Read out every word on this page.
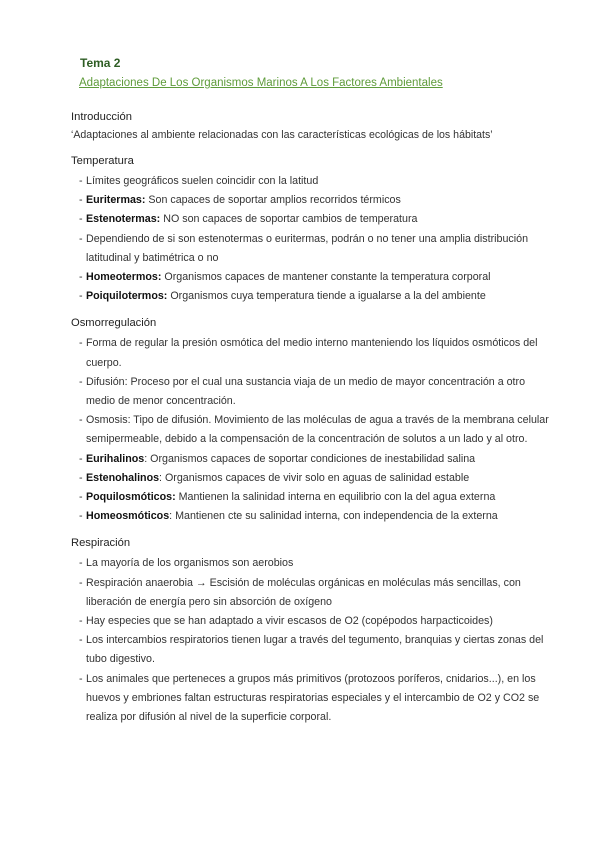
Tema 2
Adaptaciones De Los Organismos Marinos A Los Factores Ambientales

Introducción

‘Adaptaciones al ambiente relacionadas con las características ecológicas de los hábitats’

Temperatura

- Límites geográficos suelen coincidir con la latitud
- Euritermas: Son capaces de soportar amplios recorridos térmicos
- Estenotermas: NO son capaces de soportar cambios de temperatura
- Dependiendo de si son estenotermas o euritermas, podrán o no tener una amplia distribución latitudinal y batimétrica o no
- Homeotermos: Organismos capaces de mantener constante la temperatura corporal
- Poiquilotermos: Organismos cuya temperatura tiende a igualarse a la del ambiente

Osmorregulación

- Forma de regular la presión osmótica del medio interno manteniendo los líquidos osmóticos del cuerpo.
- Difusión: Proceso por el cual una sustancia viaja de un medio de mayor concentración a otro medio de menor concentración.
- Osmosis: Tipo de difusión. Movimiento de las moléculas de agua a través de la membrana celular semipermeable, debido a la compensación de la concentración de solutos a un lado y al otro.
- Eurihalinos: Organismos capaces de soportar condiciones de inestabilidad salina
- Estenohalinos: Organismos capaces de vivir solo en aguas de salinidad estable
- Poquilosmóticos: Mantienen la salinidad interna en equilibrio con la del agua externa
- Homeosmóticos: Mantienen cte su salinidad interna, con independencia de la externa

Respiración

- La mayoría de los organismos son aerobios
- Respiración anaerobia → Escisión de moléculas orgánicas en moléculas más sencillas, con liberación de energía pero sin absorción de oxígeno
- Hay especies que se han adaptado a vivir escasos de O2 (copépodos harpacticoides)
- Los intercambios respiratorios tienen lugar a través del tegumento, branquias y ciertas zonas del tubo digestivo.
- Los animales que perteneces a grupos más primitivos (protozoos poríferos, cnidarios...), en los huevos y embriones faltan estructuras respiratorias especiales y el intercambio de O2 y CO2 se realiza por difusión al nivel de la superficie corporal.
